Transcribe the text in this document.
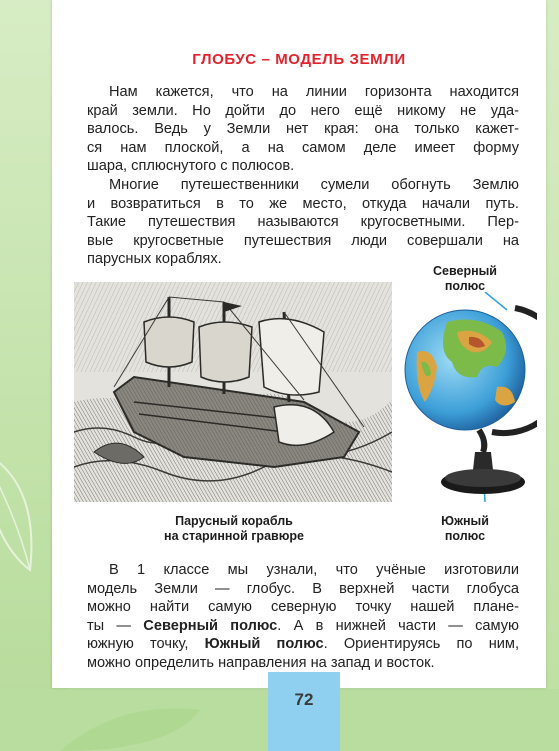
ГЛОБУС – МОДЕЛЬ ЗЕМЛИ

Нам кажется, что на линии горизонта находится
край земли. Но дойти до него ещё никому не уда-
валось. Ведь у Земли нет края: она только кажет-
ся нам плоской, а на самом деле имеет форму
шара, сплюснутого с полюсов.

Многие путешественники сумели обогнуть Землю
и возвратиться в то же место, откуда начали путь.
Такие путешествия называются кругосветными. Пер-
вые кругосветные путешествия люди совершали на
парусных кораблях.

Парусный корабль
на старинной гравюре
Северный
полюс
Южный
полюс

В 1 классе мы узнали, что учёные изготовили
модель Земли — глобус. В верхней части глобуса
можно найти самую северную точку нашей плане-
ты — Северный полюс. А в нижней части — самую
южную точку, Южный полюс. Ориентируясь по ним,
можно определить направления на запад и восток.

72
